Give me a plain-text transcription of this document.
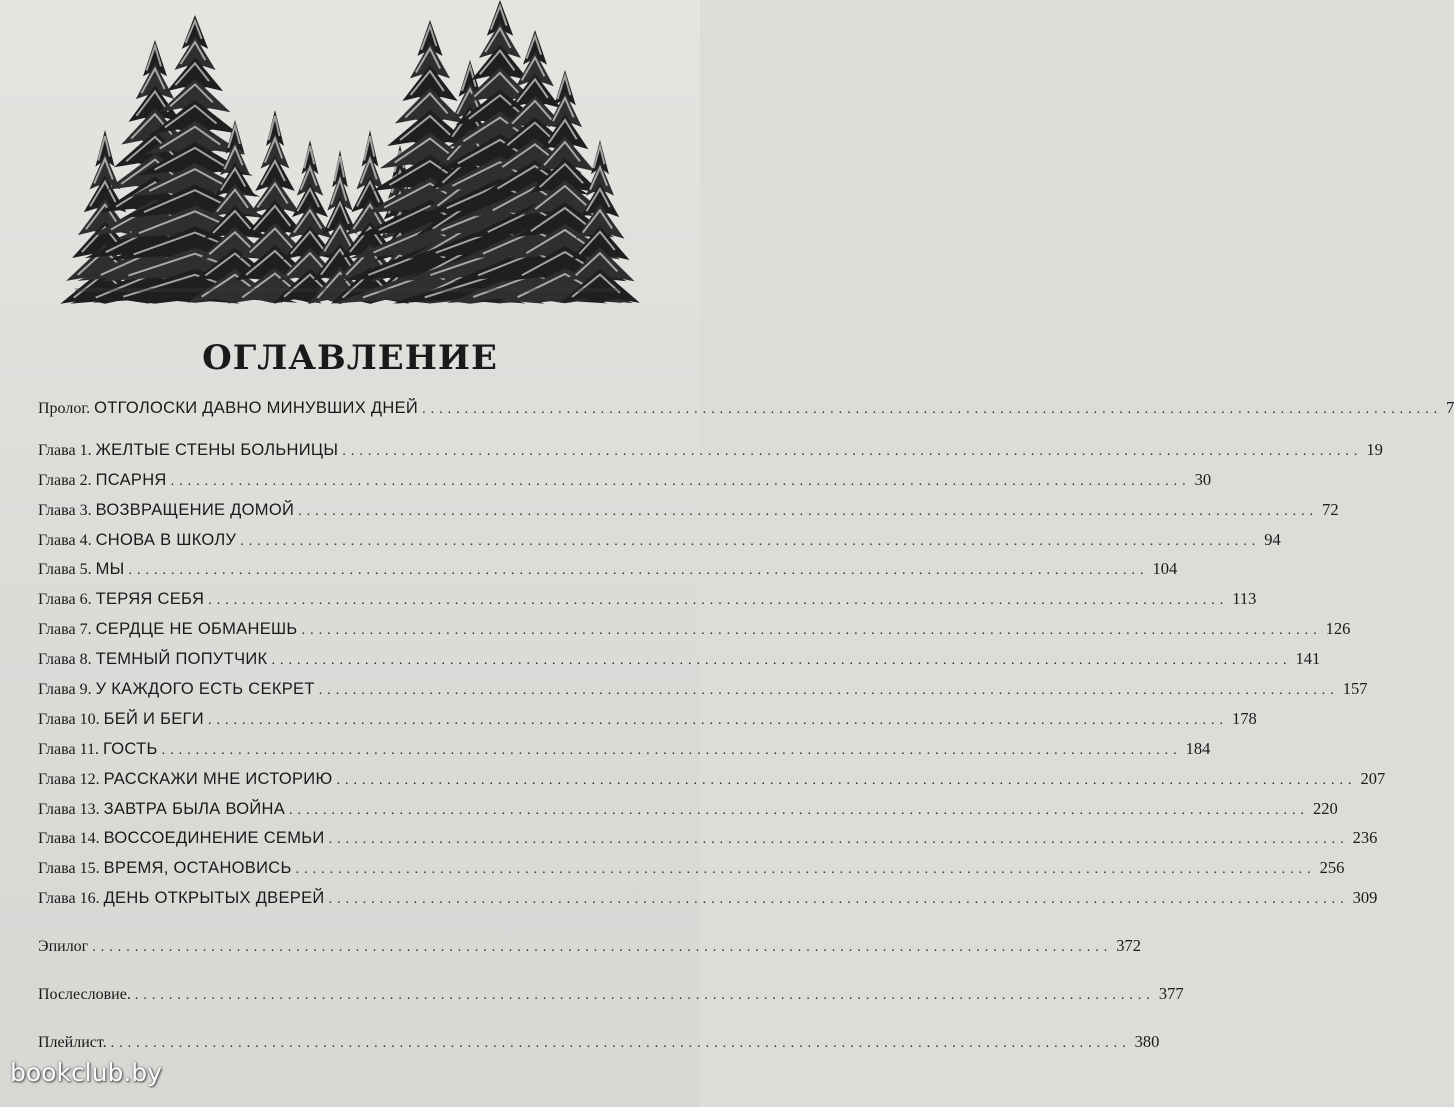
ОГЛАВЛЕНИЕ
Пролог. ОТГОЛОСКИ ДАВНО МИНУВШИХ ДНЕЙ ........................................................................................................................ 7
Глава 1. ЖЕЛТЫЕ СТЕНЫ БОЛЬНИЦЫ ........................................................................................................................ 19
Глава 2. ПСАРНЯ ........................................................................................................................ 30
Глава 3. ВОЗВРАЩЕНИЕ ДОМОЙ ........................................................................................................................ 72
Глава 4. СНОВА В ШКОЛУ ........................................................................................................................ 94
Глава 5. МЫ ........................................................................................................................ 104
Глава 6. ТЕРЯЯ СЕБЯ ........................................................................................................................ 113
Глава 7. СЕРДЦЕ НЕ ОБМАНЕШЬ ........................................................................................................................ 126
Глава 8. ТЕМНЫЙ ПОПУТЧИК ........................................................................................................................ 141
Глава 9. У КАЖДОГО ЕСТЬ СЕКРЕТ ........................................................................................................................ 157
Глава 10. БЕЙ И БЕГИ ........................................................................................................................ 178
Глава 11. ГОСТЬ ........................................................................................................................ 184
Глава 12. РАССКАЖИ МНЕ ИСТОРИЮ ........................................................................................................................ 207
Глава 13. ЗАВТРА БЫЛА ВОЙНА ........................................................................................................................ 220
Глава 14. ВОССОЕДИНЕНИЕ СЕМЬИ ........................................................................................................................ 236
Глава 15. ВРЕМЯ, ОСТАНОВИСЬ ........................................................................................................................ 256
Глава 16. ДЕНЬ ОТКРЫТЫХ ДВЕРЕЙ ........................................................................................................................ 309
Эпилог ........................................................................................................................ 372
Послесловие. ........................................................................................................................ 377
Плейлист. ........................................................................................................................ 380
bookclub.by
